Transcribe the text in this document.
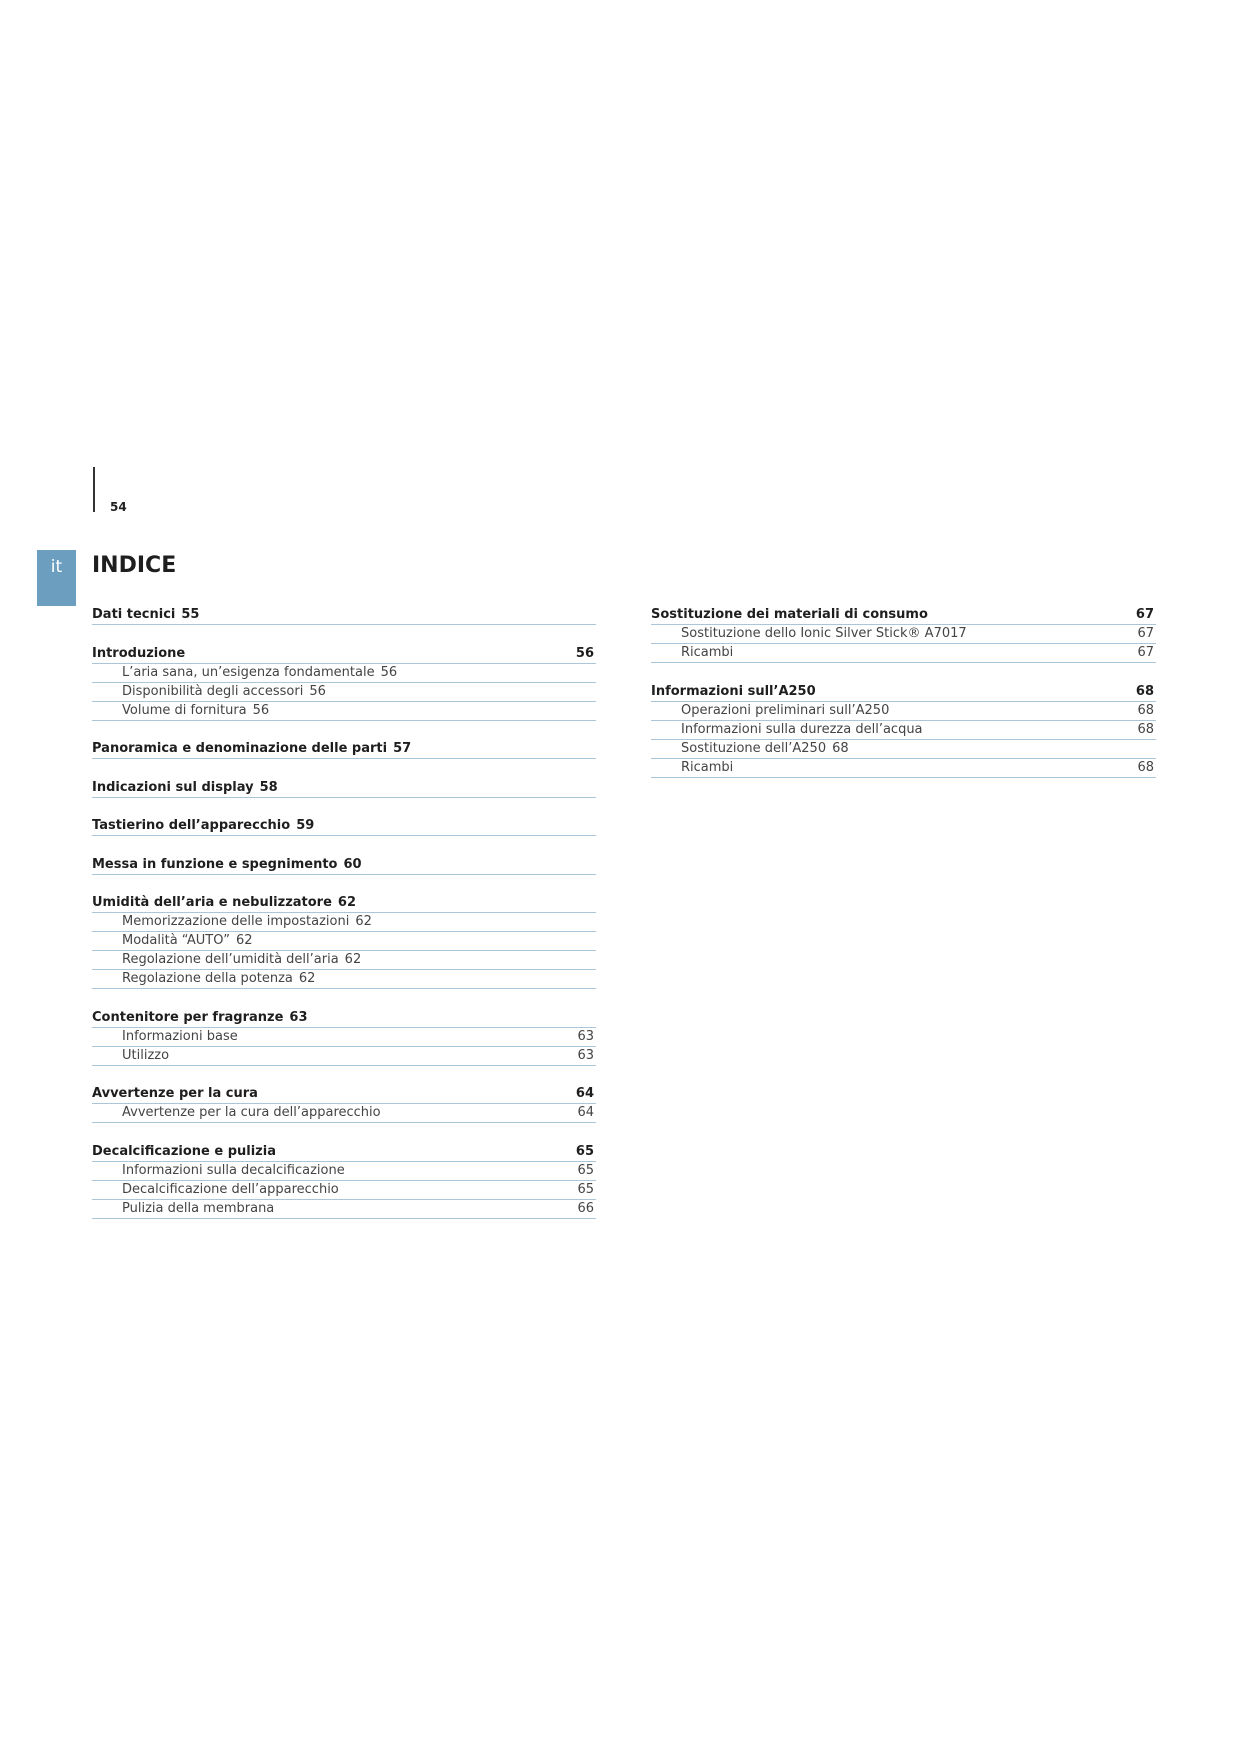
54
it	INDICE
Dati tecnici 55
Introduzione	56
L’aria sana, un’esigenza fondamentale 56
Disponibilità degli accessori 56
Volume di fornitura 56
Panoramica e denominazione delle parti 57
Indicazioni sul display 58
Tastierino dell’apparecchio 59
Messa in funzione e spegnimento 60
Umidità dell’aria e nebulizzatore 62
Memorizzazione delle impostazioni 62
Modalità “AUTO” 62
Regolazione dell’umidità dell’aria 62
Regolazione della potenza 62
Contenitore per fragranze 63
Informazioni base	63
Utilizzo	63
Avvertenze per la cura	64
Avvertenze per la cura dell’apparecchio	64
Decalcificazione e pulizia	65
Informazioni sulla decalcificazione	65
Decalcificazione dell’apparecchio	65
Pulizia della membrana	66
Sostituzione dei materiali di consumo	67
Sostituzione dello Ionic Silver Stick® A7017	67
Ricambi	67
Informazioni sull’A250	68
Operazioni preliminari sull’A250	68
Informazioni sulla durezza dell’acqua	68
Sostituzione dell’A250 68
Ricambi	68
